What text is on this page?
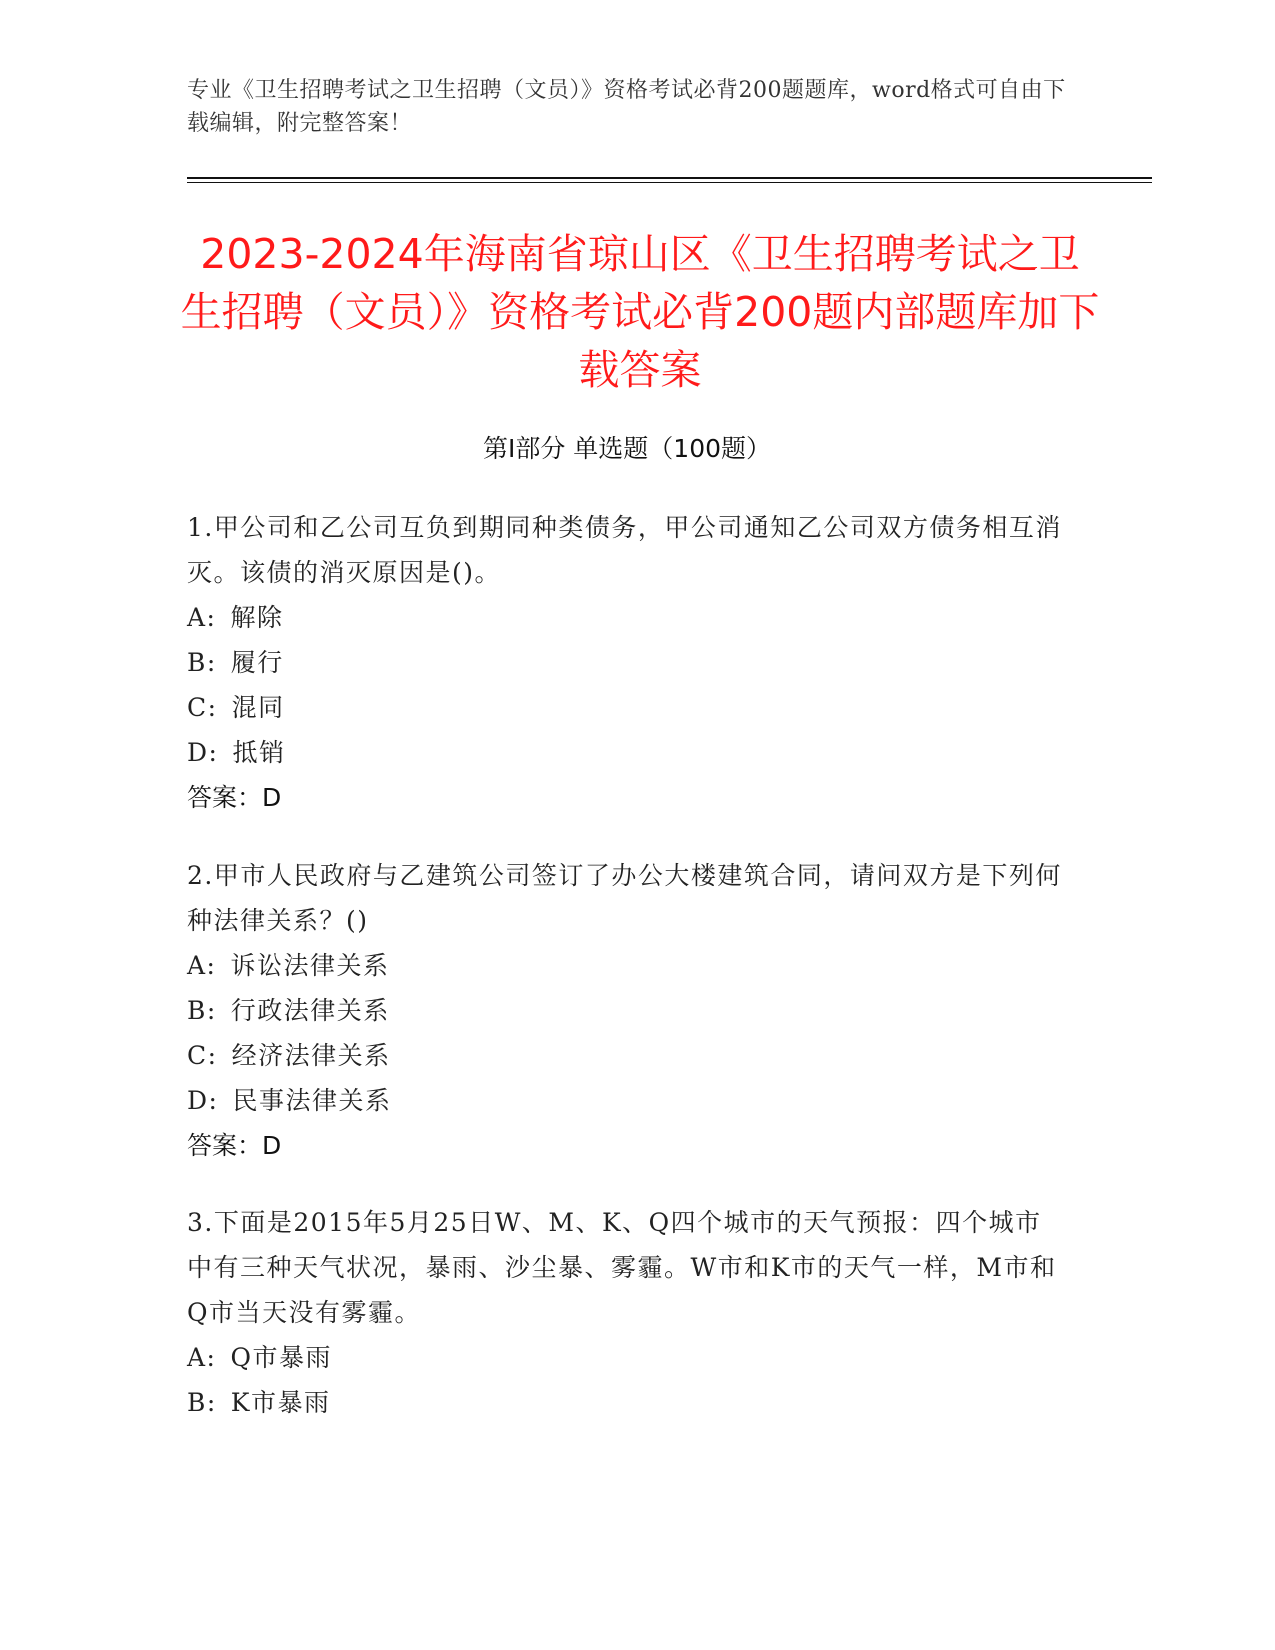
专业《卫生招聘考试之卫生招聘（文员）》资格考试必背200题题库，word格式可自由下载编辑，附完整答案！
2023-2024年海南省琼山区《卫生招聘考试之卫生招聘（文员）》资格考试必背200题内部题库加下载答案
第Ⅰ部分 单选题（100题）
1.甲公司和乙公司互负到期同种类债务，甲公司通知乙公司双方债务相互消灭。该债的消灭原因是()。
A: 解除
B: 履行
C: 混同
D: 抵销
答案：D
2.甲市人民政府与乙建筑公司签订了办公大楼建筑合同，请问双方是下列何种法律关系？()
A: 诉讼法律关系
B: 行政法律关系
C: 经济法律关系
D: 民事法律关系
答案：D
3.下面是2015年5月25日W、M、K、Q四个城市的天气预报：四个城市中有三种天气状况，暴雨、沙尘暴、雾霾。W市和K市的天气一样，M市和Q市当天没有雾霾。
A: Q市暴雨
B: K市暴雨
